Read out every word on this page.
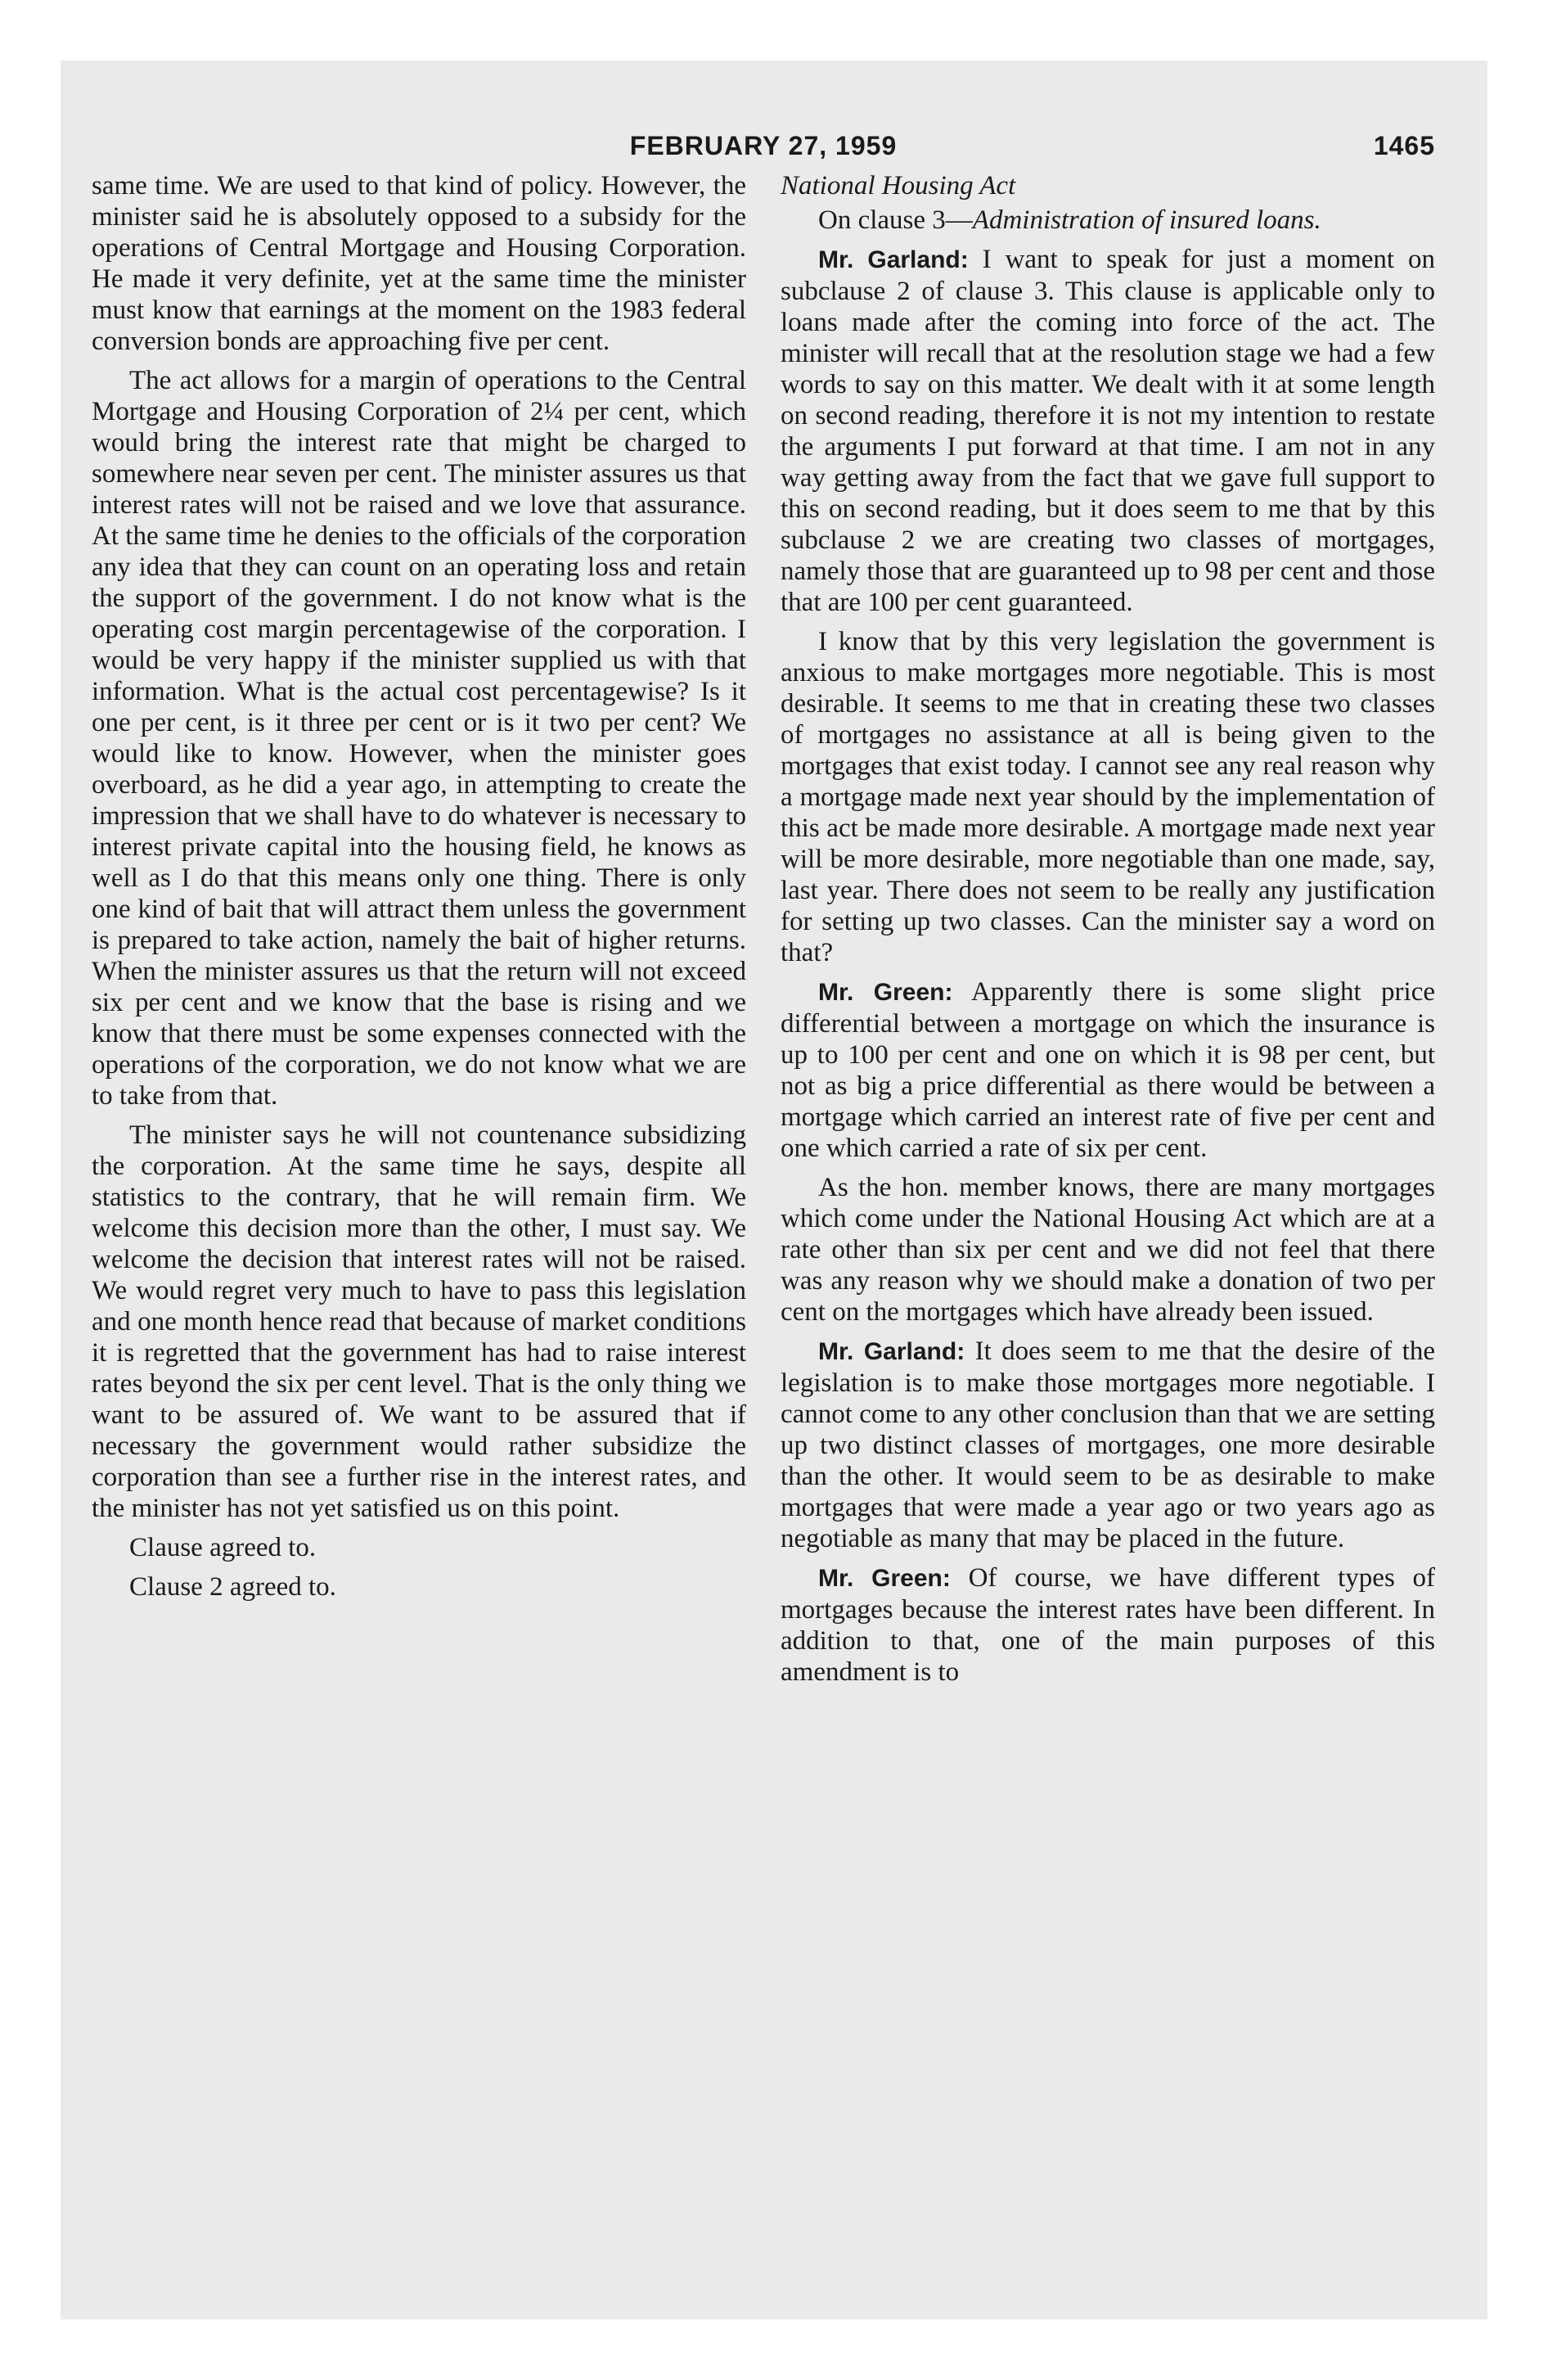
FEBRUARY 27, 1959	1465

same time. We are used to that kind of policy. However, the minister said he is absolutely opposed to a subsidy for the operations of Central Mortgage and Housing Corporation. He made it very definite, yet at the same time the minister must know that earnings at the moment on the 1983 federal conversion bonds are approaching five per cent.

The act allows for a margin of operations to the Central Mortgage and Housing Corporation of 2¼ per cent, which would bring the interest rate that might be charged to somewhere near seven per cent. The minister assures us that interest rates will not be raised and we love that assurance. At the same time he denies to the officials of the corporation any idea that they can count on an operating loss and retain the support of the government. I do not know what is the operating cost margin percentagewise of the corporation. I would be very happy if the minister supplied us with that information. What is the actual cost percentagewise? Is it one per cent, is it three per cent or is it two per cent? We would like to know. However, when the minister goes overboard, as he did a year ago, in attempting to create the impression that we shall have to do whatever is necessary to interest private capital into the housing field, he knows as well as I do that this means only one thing. There is only one kind of bait that will attract them unless the government is prepared to take action, namely the bait of higher returns. When the minister assures us that the return will not exceed six per cent and we know that the base is rising and we know that there must be some expenses connected with the operations of the corporation, we do not know what we are to take from that.

The minister says he will not countenance subsidizing the corporation. At the same time he says, despite all statistics to the contrary, that he will remain firm. We welcome this decision more than the other, I must say. We welcome the decision that interest rates will not be raised. We would regret very much to have to pass this legislation and one month hence read that because of market conditions it is regretted that the government has had to raise interest rates beyond the six per cent level. That is the only thing we want to be assured of. We want to be assured that if necessary the government would rather subsidize the corporation than see a further rise in the interest rates, and the minister has not yet satisfied us on this point.

Clause agreed to.

Clause 2 agreed to.

National Housing Act

On clause 3—Administration of insured loans.

Mr. Garland: I want to speak for just a moment on subclause 2 of clause 3. This clause is applicable only to loans made after the coming into force of the act. The minister will recall that at the resolution stage we had a few words to say on this matter. We dealt with it at some length on second reading, therefore it is not my intention to restate the arguments I put forward at that time. I am not in any way getting away from the fact that we gave full support to this on second reading, but it does seem to me that by this subclause 2 we are creating two classes of mortgages, namely those that are guaranteed up to 98 per cent and those that are 100 per cent guaranteed.

I know that by this very legislation the government is anxious to make mortgages more negotiable. This is most desirable. It seems to me that in creating these two classes of mortgages no assistance at all is being given to the mortgages that exist today. I cannot see any real reason why a mortgage made next year should by the implementation of this act be made more desirable. A mortgage made next year will be more desirable, more negotiable than one made, say, last year. There does not seem to be really any justification for setting up two classes. Can the minister say a word on that?

Mr. Green: Apparently there is some slight price differential between a mortgage on which the insurance is up to 100 per cent and one on which it is 98 per cent, but not as big a price differential as there would be between a mortgage which carried an interest rate of five per cent and one which carried a rate of six per cent.

As the hon. member knows, there are many mortgages which come under the National Housing Act which are at a rate other than six per cent and we did not feel that there was any reason why we should make a donation of two per cent on the mortgages which have already been issued.

Mr. Garland: It does seem to me that the desire of the legislation is to make those mortgages more negotiable. I cannot come to any other conclusion than that we are setting up two distinct classes of mortgages, one more desirable than the other. It would seem to be as desirable to make mortgages that were made a year ago or two years ago as negotiable as many that may be placed in the future.

Mr. Green: Of course, we have different types of mortgages because the interest rates have been different. In addition to that, one of the main purposes of this amendment is to
